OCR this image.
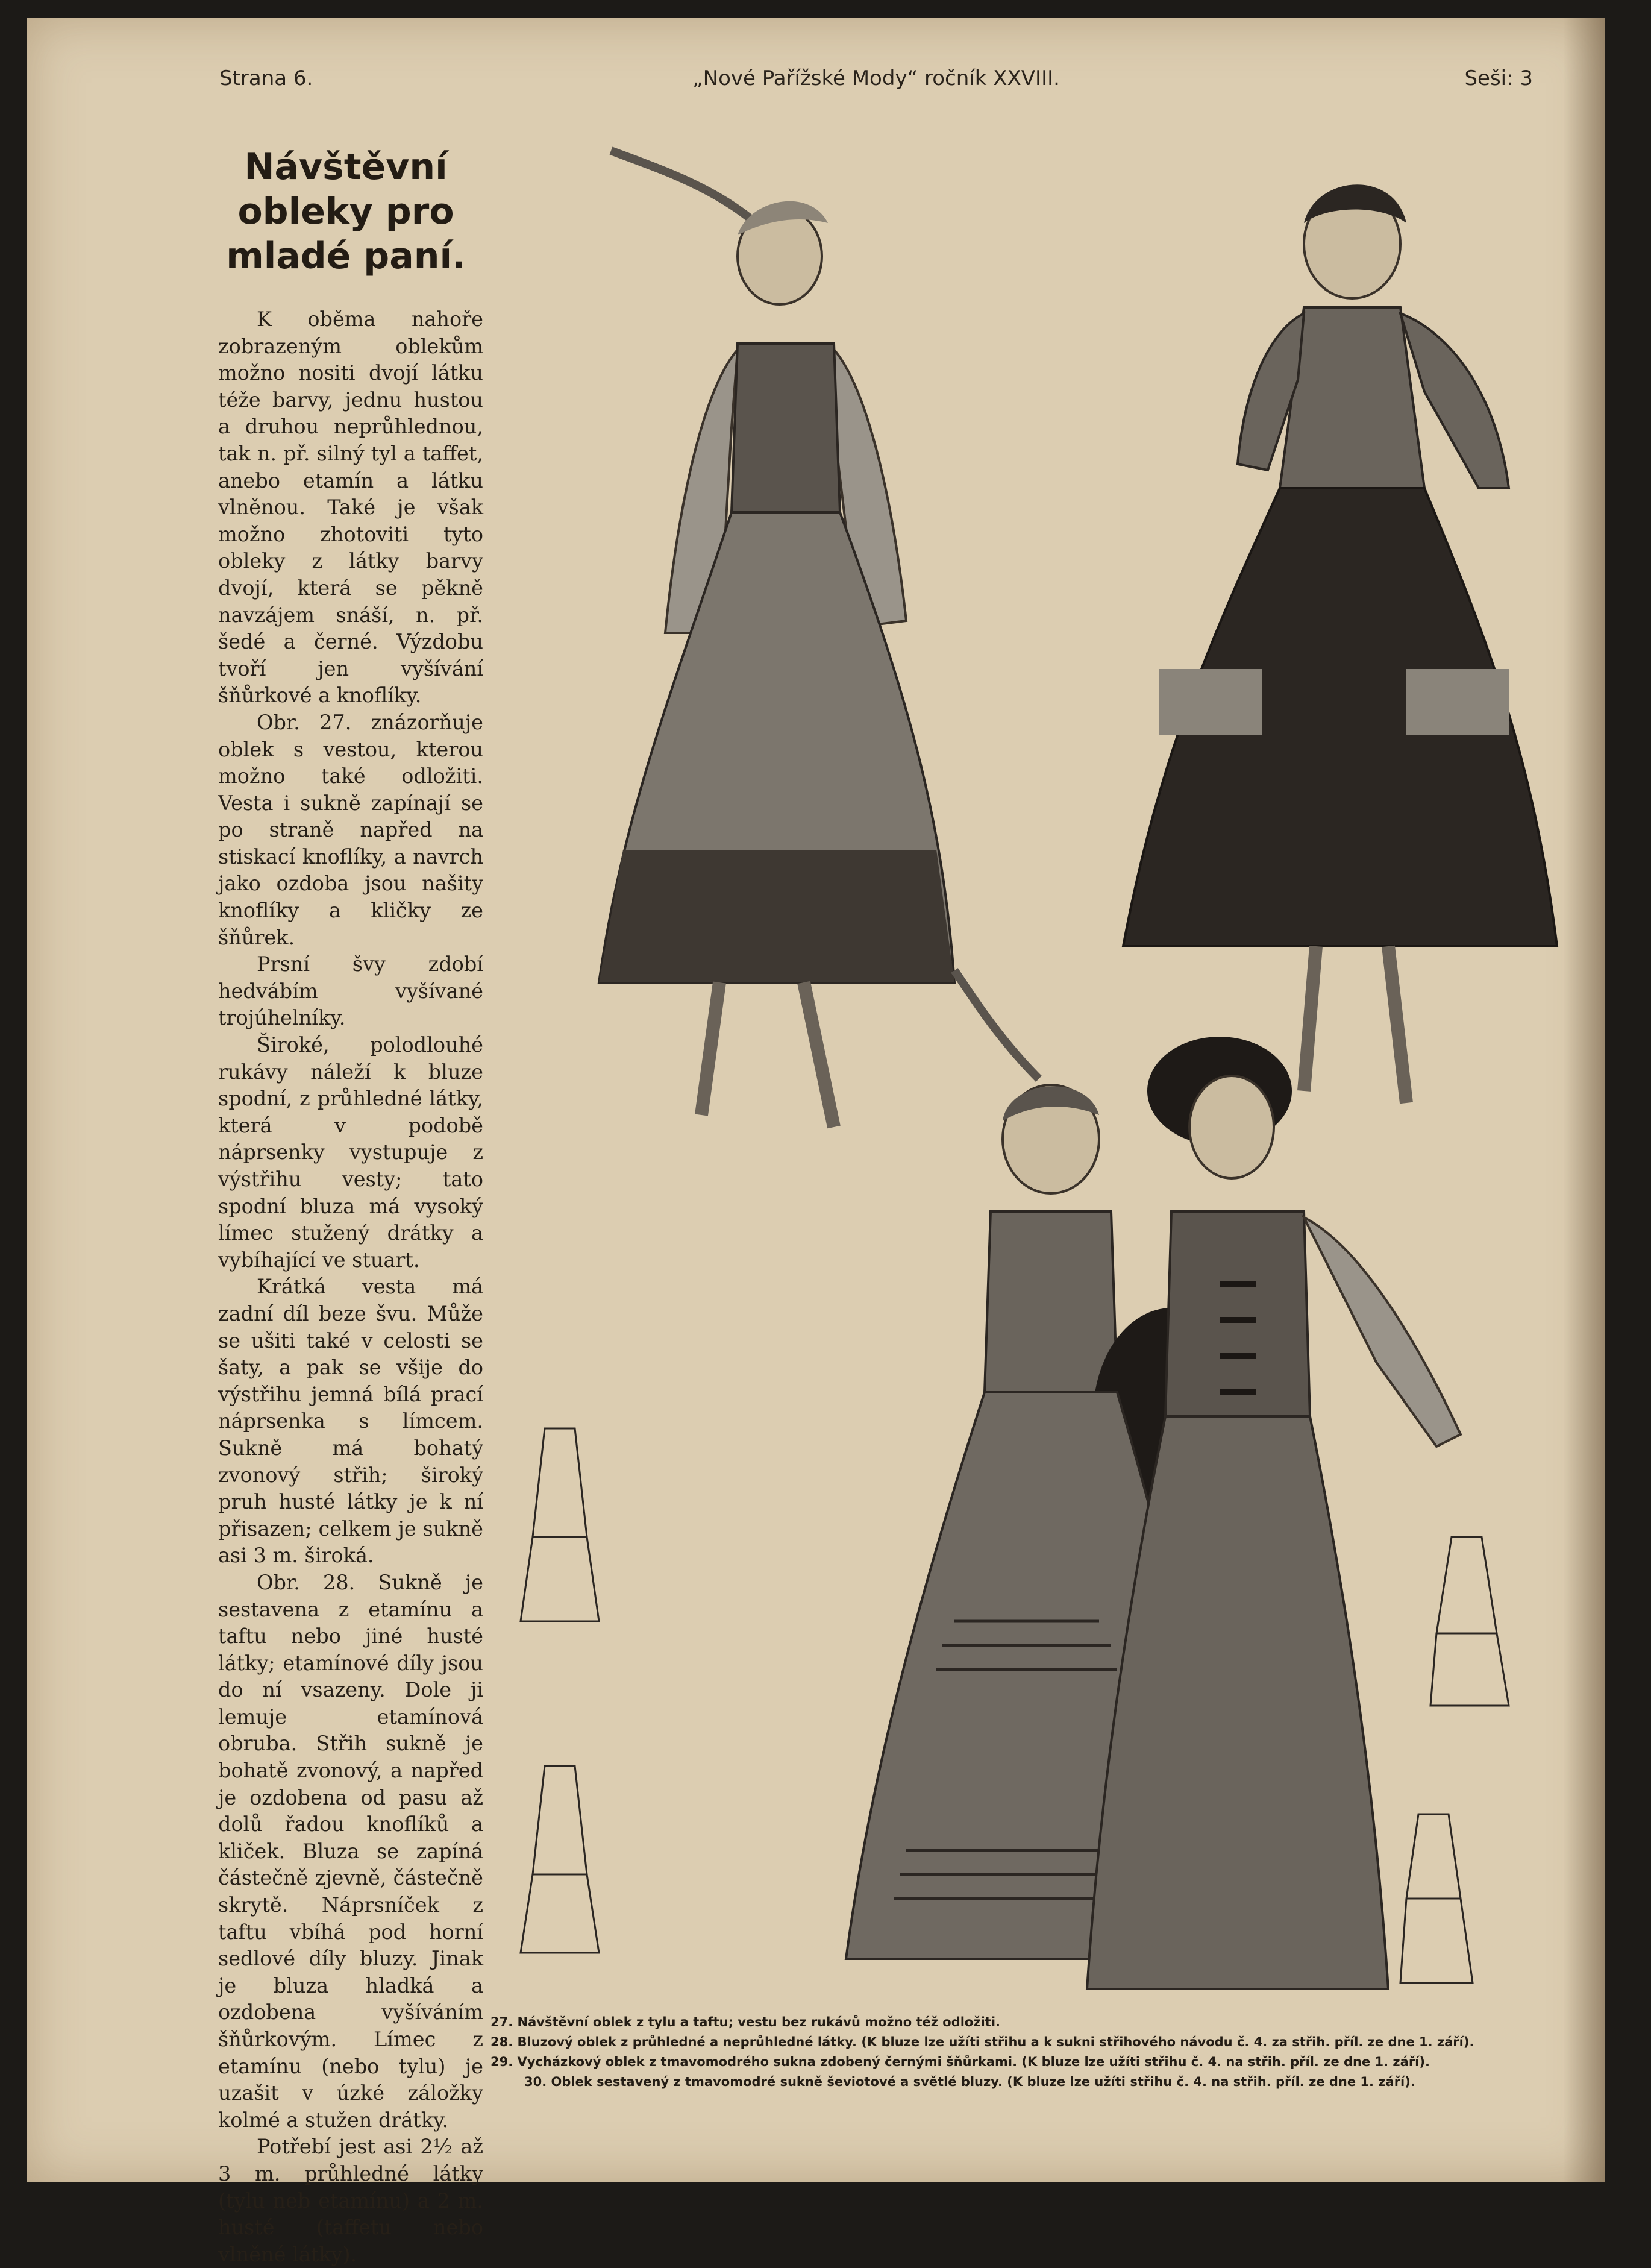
Strana 6.	„Nové Pařížské Mody“ ročník XXVIII.	Seši: 3
Návštěvní
obleky pro
mladé paní.

K oběma nahoře zobrazeným oblekům možno nositi dvojí látku téže barvy, jednu hustou a druhou neprůhlednou, tak n. př. silný tyl a taffet, anebo etamín a látku vlněnou. Také je však možno zhotoviti tyto obleky z látky barvy dvojí, která se pěkně navzájem snáší, n. př. šedé a černé. Výzdobu tvoří jen vyšívání šňůrkové a knoflíky.

Obr. 27. znázorňuje oblek s vestou, kterou možno také odložiti. Vesta i sukně zapínají se po straně napřed na stiskací knoflíky, a navrch jako ozdoba jsou našity knoflíky a kličky ze šňůrek.

Prsní švy zdobí hedvábím vyšívané trojúhelníky.

Široké, polodlouhé rukávy náleží k bluze spodní, z průhledné látky, která v podobě náprsenky vystupuje z výstřihu vesty; tato spodní bluza má vysoký límec stužený drátky a vybíhající ve stuart.

Krátká vesta má zadní díl beze švu. Může se ušiti také v celosti se šaty, a pak se všije do výstřihu jemná bílá prací náprsenka s límcem. Sukně má bohatý zvonový střih; široký pruh husté látky je k ní přisazen; celkem je sukně asi 3 m. široká.

Obr. 28. Sukně je sestavena z etamínu a taftu nebo jiné husté látky; etamínové díly jsou do ní vsazeny. Dole ji lemuje etamínová obruba. Střih sukně je bohatě zvonový, a napřed je ozdobena od pasu až dolů řadou knoflíků a kliček. Bluza se zapíná částečně zjevně, částečně skrytě. Náprsníček z taftu vbíhá pod horní sedlové díly bluzy. Jinak je bluza hladká a ozdobena vyšíváním šňůrkovým. Límec z etamínu (nebo tylu) je uzašit v úzké záložky kolmé a stužen drátky.

Potřebí jest asi 2½ až 3 m. průhledné látky (tylu neb etamínu) a 2 m. husté (taffetu nebo vlněné látky).

27. Návštěvní oblek z tylu a taftu; vestu bez rukávů možno též odložiti.

28. Bluzový oblek z průhledné a neprůhledné látky. (K bluze lze užíti střihu a k sukni střihového návodu č. 4. za střih. příl. ze dne 1. září).

29. Vycházkový oblek z tmavomodrého sukna zdobený černými šňůrkami. (K bluze lze užíti střihu č. 4. na střih. příl. ze dne 1. září).

30. Oblek sestavený z tmavomodré sukně ševiotové a světlé bluzy. (K bluze lze užíti střihu č. 4. na střih. příl. ze dne 1. září).
